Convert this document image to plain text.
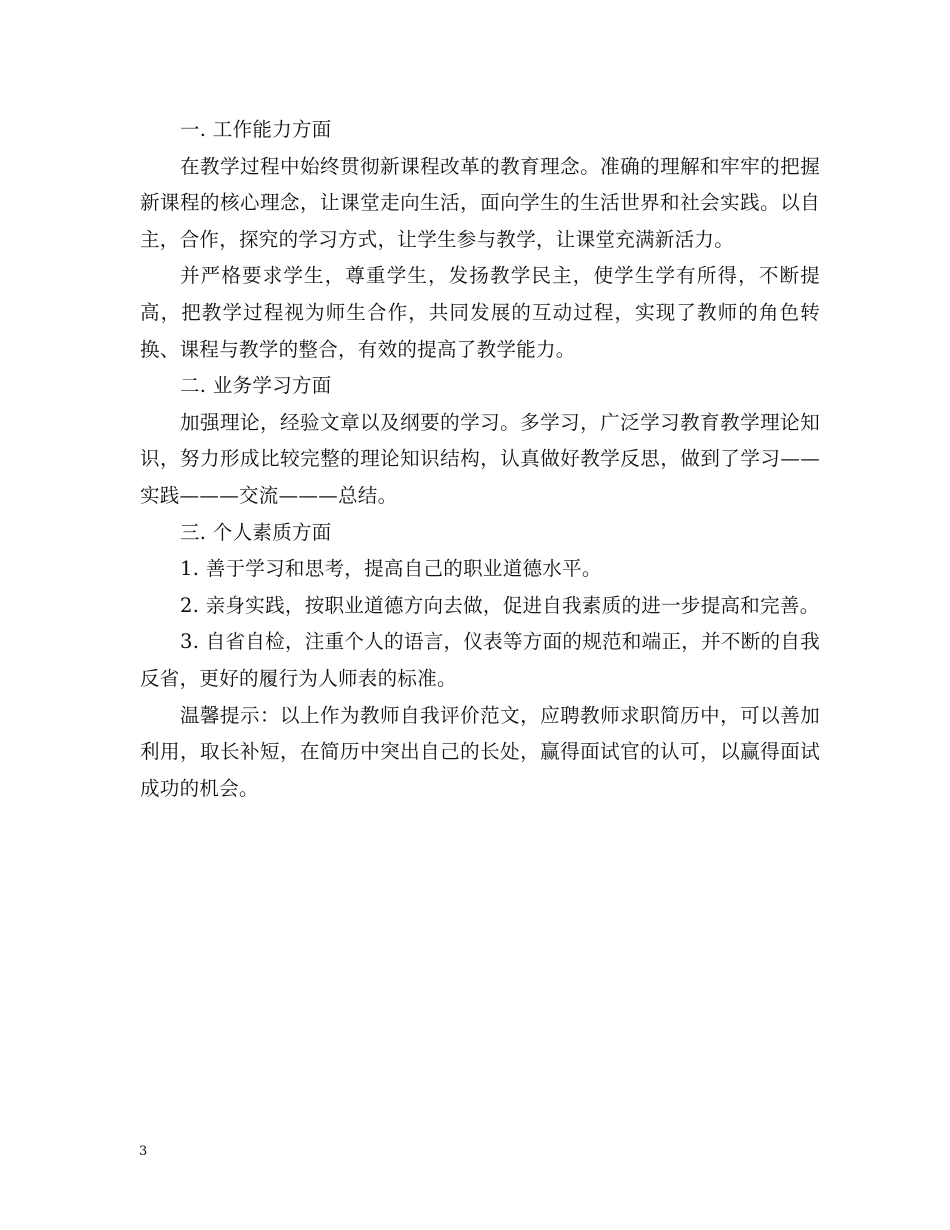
一. 工作能力方面

在教学过程中始终贯彻新课程改革的教育理念。准确的理解和牢牢的把握新课程的核心理念，让课堂走向生活，面向学生的生活世界和社会实践。以自主，合作，探究的学习方式，让学生参与教学，让课堂充满新活力。

并严格要求学生，尊重学生，发扬教学民主，使学生学有所得，不断提高，把教学过程视为师生合作，共同发展的互动过程，实现了教师的角色转换、课程与教学的整合，有效的提高了教学能力。

二. 业务学习方面

加强理论，经验文章以及纲要的学习。多学习，广泛学习教育教学理论知识，努力形成比较完整的理论知识结构，认真做好教学反思，做到了学习——实践———交流———总结。

三. 个人素质方面

1. 善于学习和思考，提高自己的职业道德水平。

2. 亲身实践，按职业道德方向去做，促进自我素质的进一步提高和完善。

3. 自省自检，注重个人的语言，仪表等方面的规范和端正，并不断的自我反省，更好的履行为人师表的标准。

温馨提示：以上作为教师自我评价范文，应聘教师求职简历中，可以善加利用，取长补短，在简历中突出自己的长处，赢得面试官的认可，以赢得面试成功的机会。

3
